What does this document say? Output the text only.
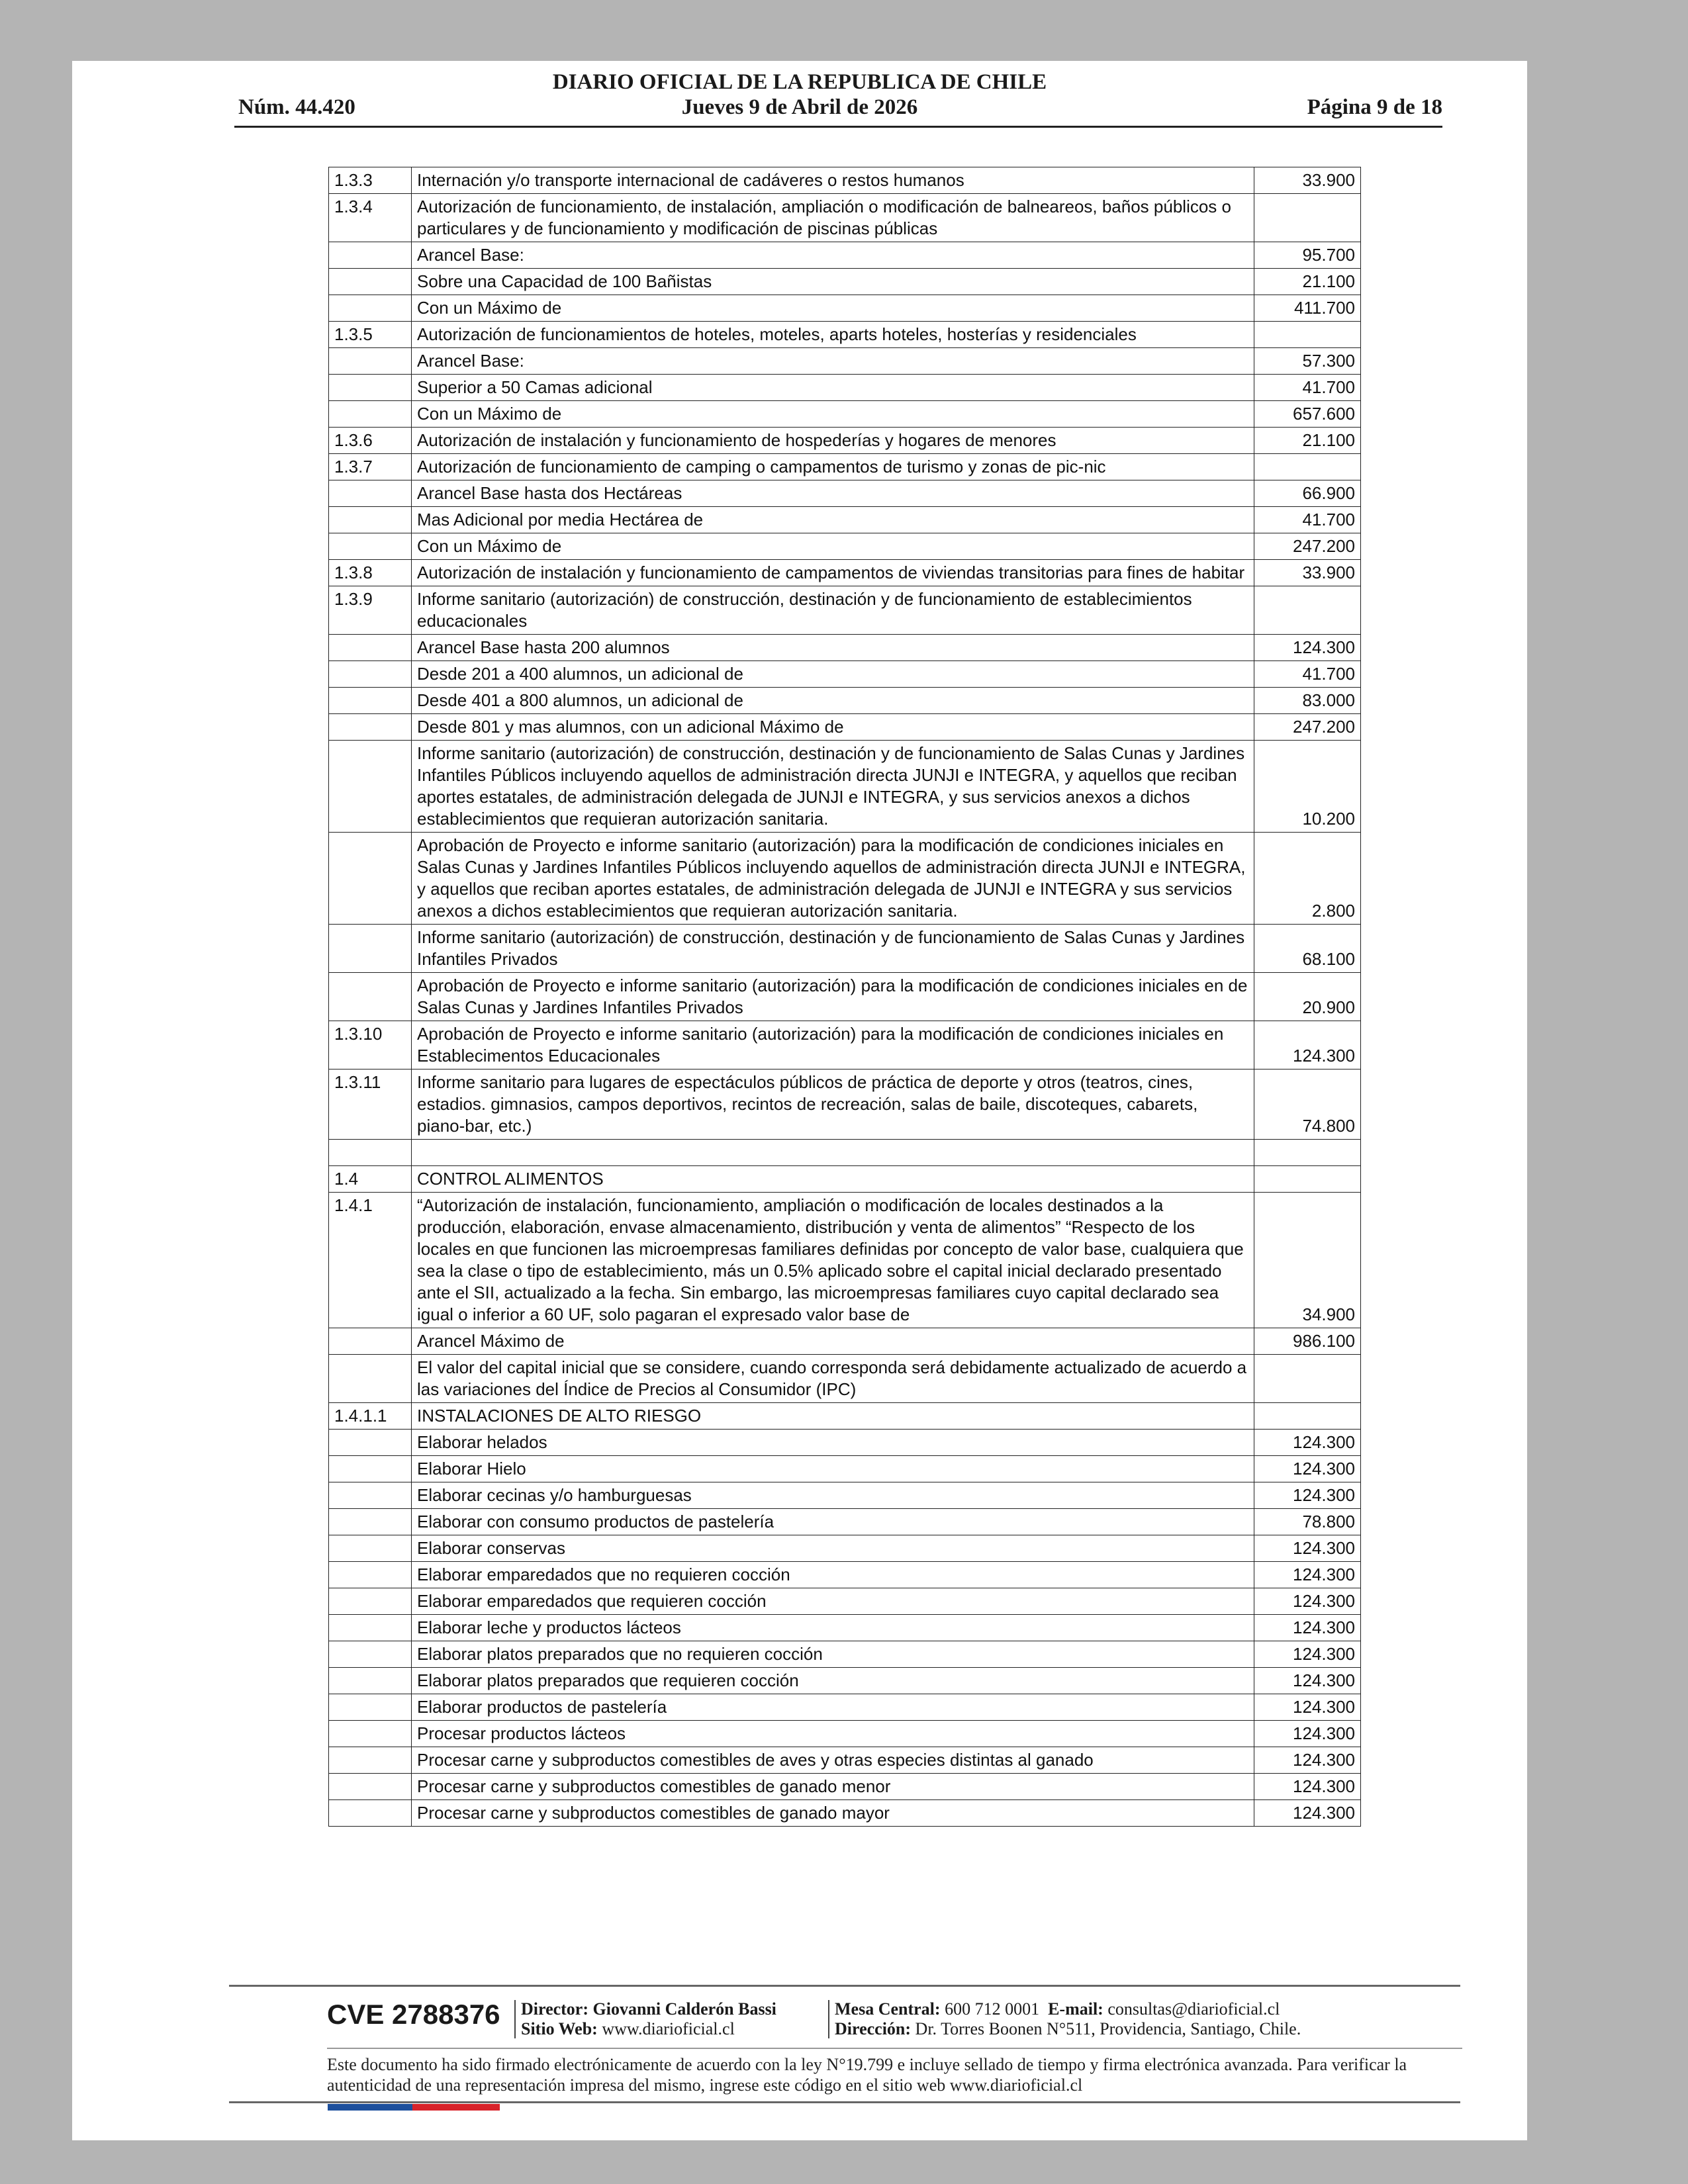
DIARIO OFICIAL DE LA REPUBLICA DE CHILE
Núm. 44.420	Jueves 9 de Abril de 2026	Página 9 de 18
1.3.3	Internación y/o transporte internacional de cadáveres o restos humanos	33.900
1.3.4	Autorización de funcionamiento, de instalación, ampliación o modificación de balneareos, baños públicos o particulares y de funcionamiento y modificación de piscinas públicas	
	Arancel Base:	95.700
	Sobre una Capacidad de 100 Bañistas	21.100
	Con un Máximo de	411.700
1.3.5	Autorización de funcionamientos de hoteles, moteles, aparts hoteles, hosterías y residenciales	
	Arancel Base:	57.300
	Superior a 50 Camas adicional	41.700
	Con un Máximo de	657.600
1.3.6	Autorización de instalación y funcionamiento de hospederías y hogares de menores	21.100
1.3.7	Autorización de funcionamiento de camping o campamentos de turismo y zonas de pic-nic	
	Arancel Base hasta dos Hectáreas	66.900
	Mas Adicional por media Hectárea de	41.700
	Con un Máximo de	247.200
1.3.8	Autorización de instalación y funcionamiento de campamentos de viviendas transitorias para fines de habitar	33.900
1.3.9	Informe sanitario (autorización) de construcción, destinación y de funcionamiento de establecimientos educacionales	
	Arancel Base hasta 200 alumnos	124.300
	Desde 201 a 400 alumnos, un adicional de	41.700
	Desde 401 a 800 alumnos, un adicional de	83.000
	Desde 801 y mas alumnos, con un adicional Máximo de	247.200
	Informe sanitario (autorización) de construcción, destinación y de funcionamiento de Salas Cunas y Jardines Infantiles Públicos incluyendo aquellos de administración directa JUNJI e INTEGRA, y aquellos que reciban aportes estatales, de administración delegada de JUNJI e INTEGRA, y sus servicios anexos a dichos establecimientos que requieran autorización sanitaria.	10.200
	Aprobación de Proyecto e informe sanitario (autorización) para la modificación de condiciones iniciales en Salas Cunas y Jardines Infantiles Públicos incluyendo aquellos de administración directa JUNJI e INTEGRA, y aquellos que reciban aportes estatales, de administración delegada de JUNJI e INTEGRA y sus servicios anexos a dichos establecimientos que requieran autorización sanitaria.	2.800
	Informe sanitario (autorización) de construcción, destinación y de funcionamiento de Salas Cunas y Jardines Infantiles Privados	68.100
	Aprobación de Proyecto e informe sanitario (autorización) para la modificación de condiciones iniciales en de Salas Cunas y Jardines Infantiles Privados	20.900
1.3.10	Aprobación de Proyecto e informe sanitario (autorización) para la modificación de condiciones iniciales en Establecimentos Educacionales	124.300
1.3.11	Informe sanitario para lugares de espectáculos públicos de práctica de deporte y otros (teatros, cines, estadios. gimnasios, campos deportivos, recintos de recreación, salas de baile, discoteques, cabarets, piano-bar, etc.)	74.800

1.4	CONTROL ALIMENTOS	
1.4.1	“Autorización de instalación, funcionamiento, ampliación o modificación de locales destinados a la producción, elaboración, envase almacenamiento, distribución y venta de alimentos” “Respecto de los locales en que funcionen las microempresas familiares definidas por concepto de valor base, cualquiera que sea la clase o tipo de establecimiento, más un 0.5% aplicado sobre el capital inicial declarado presentado ante el SII, actualizado a la fecha. Sin embargo, las microempresas familiares cuyo capital declarado sea igual o inferior a 60 UF, solo pagaran el expresado valor base de	34.900
	Arancel Máximo de	986.100
	El valor del capital inicial que se considere, cuando corresponda será debidamente actualizado de acuerdo a las variaciones del Índice de Precios al Consumidor (IPC)	
1.4.1.1	INSTALACIONES DE ALTO RIESGO	
	Elaborar helados	124.300
	Elaborar Hielo	124.300
	Elaborar cecinas y/o hamburguesas	124.300
	Elaborar con consumo productos de pastelería	78.800
	Elaborar conservas	124.300
	Elaborar emparedados que no requieren cocción	124.300
	Elaborar emparedados que requieren cocción	124.300
	Elaborar leche y productos lácteos	124.300
	Elaborar platos preparados que no requieren cocción	124.300
	Elaborar platos preparados que requieren cocción	124.300
	Elaborar productos de pastelería	124.300
	Procesar productos lácteos	124.300
	Procesar carne y subproductos comestibles de aves y otras especies distintas al ganado	124.300
	Procesar carne y subproductos comestibles de ganado menor	124.300
	Procesar carne y subproductos comestibles de ganado mayor	124.300
CVE 2788376 Director: Giovanni Calderón Bassi
Sitio Web: www.diarioficial.cl
Mesa Central: 600 712 0001 E-mail: consultas@diarioficial.cl
Dirección: Dr. Torres Boonen N°511, Providencia, Santiago, Chile.
Este documento ha sido firmado electrónicamente de acuerdo con la ley N°19.799 e incluye sellado de tiempo y firma electrónica avanzada. Para verificar la autenticidad de una representación impresa del mismo, ingrese este código en el sitio web www.diarioficial.cl
